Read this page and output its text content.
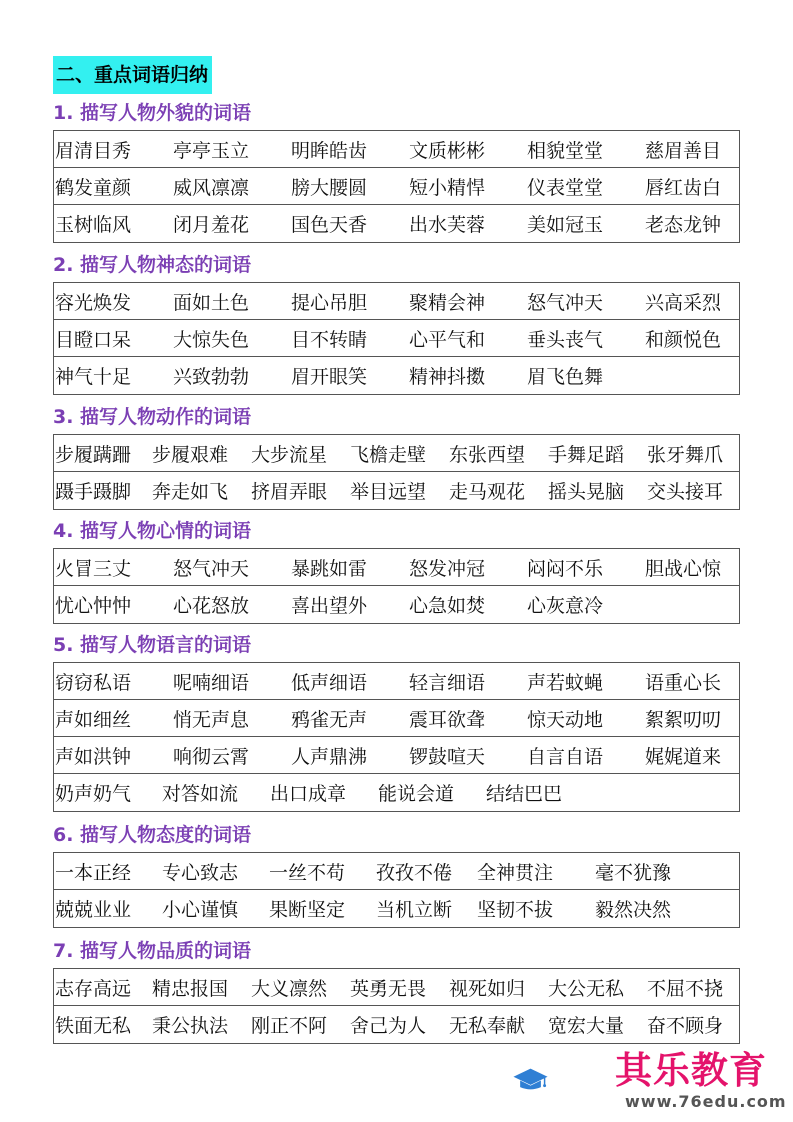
二、重点词语归纳
1. 描写人物外貌的词语
眉清目秀	亭亭玉立	明眸皓齿	文质彬彬	相貌堂堂	慈眉善目
鹤发童颜	威风凛凛	膀大腰圆	短小精悍	仪表堂堂	唇红齿白
玉树临风	闭月羞花	国色天香	出水芙蓉	美如冠玉	老态龙钟
2. 描写人物神态的词语
容光焕发	面如土色	提心吊胆	聚精会神	怒气冲天	兴高采烈
目瞪口呆	大惊失色	目不转睛	心平气和	垂头丧气	和颜悦色
神气十足	兴致勃勃	眉开眼笑	精神抖擞	眉飞色舞
3. 描写人物动作的词语
步履蹒跚	步履艰难	大步流星	飞檐走壁	东张西望	手舞足蹈	张牙舞爪
蹑手蹑脚	奔走如飞	挤眉弄眼	举目远望	走马观花	摇头晃脑	交头接耳
4. 描写人物心情的词语
火冒三丈	怒气冲天	暴跳如雷	怒发冲冠	闷闷不乐	胆战心惊
忧心忡忡	心花怒放	喜出望外	心急如焚	心灰意冷
5. 描写人物语言的词语
窃窃私语	呢喃细语	低声细语	轻言细语	声若蚊蝇	语重心长
声如细丝	悄无声息	鸦雀无声	震耳欲聋	惊天动地	絮絮叨叨
声如洪钟	响彻云霄	人声鼎沸	锣鼓喧天	自言自语	娓娓道来
奶声奶气	对答如流	出口成章	能说会道	结结巴巴
6. 描写人物态度的词语
一本正经	专心致志	一丝不苟	孜孜不倦	全神贯注	毫不犹豫
兢兢业业	小心谨慎	果断坚定	当机立断	坚韧不拔	毅然决然
7. 描写人物品质的词语
志存高远	精忠报国	大义凛然	英勇无畏	视死如归	大公无私	不屈不挠
铁面无私	秉公执法	刚正不阿	舍己为人	无私奉献	宽宏大量	奋不顾身
其乐教育
www.76edu.com
